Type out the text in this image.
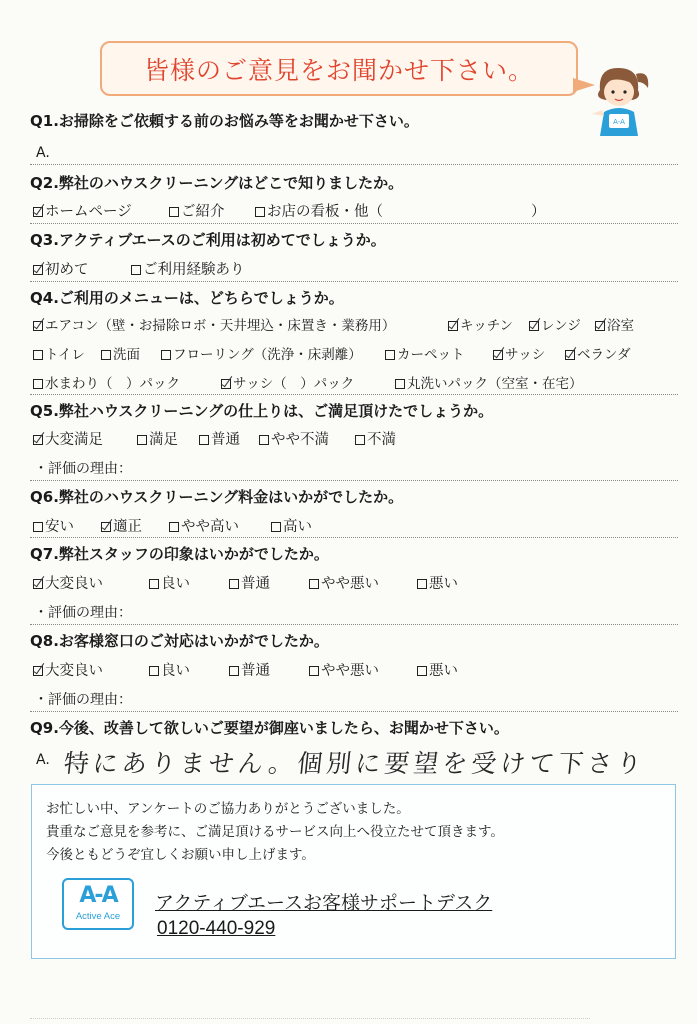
皆様のご意見をお聞かせ下さい。
A-A
Q1.お掃除をご依頼する前のお悩み等をお聞かせ下さい。
A.
Q2.弊社のハウスクリーニングはどこで知りましたか。
ホームページ	ご紹介	お店の看板・他（	）
Q3.アクティブエースのご利用は初めてでしょうか。
初めて	ご利用経験あり
Q4.ご利用のメニューは、どちらでしょうか。
エアコン（壁・お掃除ロボ・天井埋込・床置き・業務用）	キッチン	レンジ	浴室
トイレ	洗面	フローリング（洗浄・床剥離）	カーペット	サッシ	ベランダ
水まわり（　）パック	サッシ（　）パック	丸洗いパック（空室・在宅）
Q5.弊社ハウスクリーニングの仕上りは、ご満足頂けたでしょうか。
大変満足	満足	普通	やや不満	不満
・評価の理由：
Q6.弊社のハウスクリーニング料金はいかがでしたか。
安い	適正	やや高い	高い
Q7.弊社スタッフの印象はいかがでしたか。
大変良い	良い	普通	やや悪い	悪い
・評価の理由：
Q8.お客様窓口のご対応はいかがでしたか。
大変良い	良い	普通	やや悪い	悪い
・評価の理由：
Q9.今後、改善して欲しいご要望が御座いましたら、お聞かせ下さい。
A. 特にありません。個別に要望を受けて下さり
お忙しい中、アンケートのご協力ありがとうございました。
貴重なご意見を参考に、ご満足頂けるサービス向上へ役立たせて頂きます。
今後ともどうぞ宜しくお願い申し上げます。
A-A
Active Ace
アクティブエースお客様サポートデスク
0120-440-929
